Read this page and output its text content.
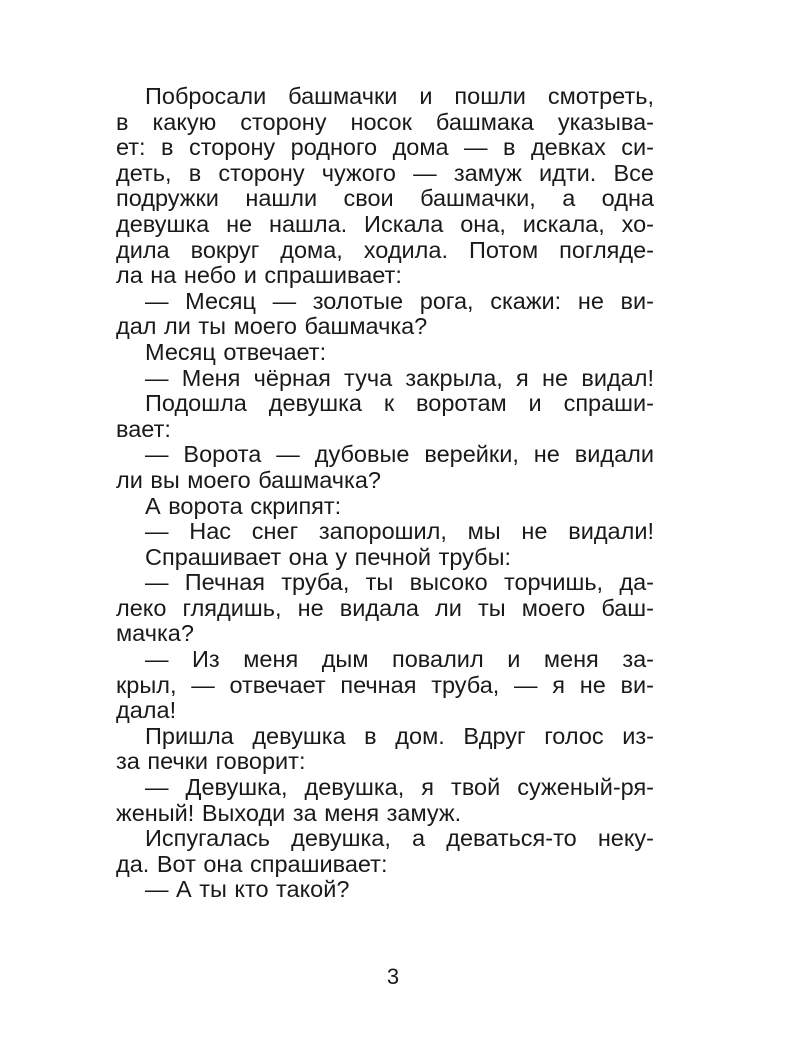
Побросали башмачки и пошли смотреть,
в какую сторону носок башмака указыва-
ет: в сторону родного дома — в девках си-
деть, в сторону чужого — замуж идти. Все
подружки нашли свои башмачки, а одна
девушка не нашла. Искала она, искала, хо-
дила вокруг дома, ходила. Потом погляде-
ла на небо и спрашивает:
— Месяц — золотые рога, скажи: не ви-
дал ли ты моего башмачка?
Месяц отвечает:
— Меня чёрная туча закрыла, я не видал!
Подошла девушка к воротам и спраши-
вает:
— Ворота — дубовые верейки, не видали
ли вы моего башмачка?
А ворота скрипят:
— Нас снег запорошил, мы не видали!
Спрашивает она у печной трубы:
— Печная труба, ты высоко торчишь, да-
леко глядишь, не видала ли ты моего баш-
мачка?
— Из меня дым повалил и меня за-
крыл, — отвечает печная труба, — я не ви-
дала!
Пришла девушка в дом. Вдруг голос из-
за печки говорит:
— Девушка, девушка, я твой суженый-ря-
женый! Выходи за меня замуж.
Испугалась девушка, а деваться-то неку-
да. Вот она спрашивает:
— А ты кто такой?
3
